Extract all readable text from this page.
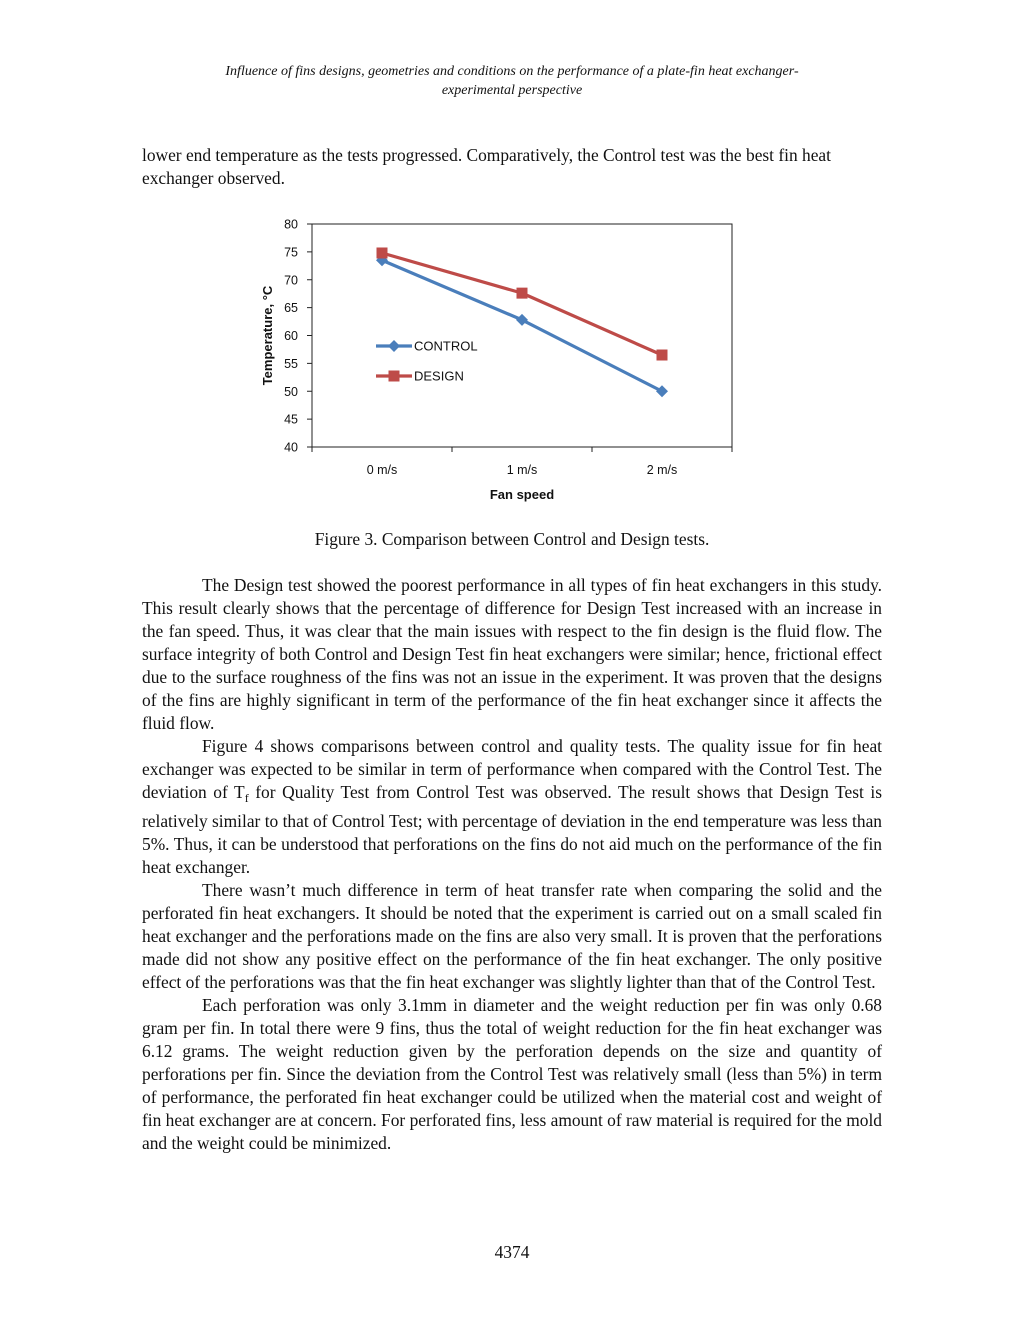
Influence of fins designs, geometries and conditions on the performance of a plate-fin heat exchanger-
experimental perspective

lower end temperature as the tests progressed. Comparatively, the Control test was the best fin heat exchanger observed.

40
45
50
55
60
65
70
75
80
0 m/s	1 m/s	2 m/s
Fan speed
Temperature, °C	CONTROL
DESIGN
Figure 3. Comparison between Control and Design tests.

The Design test showed the poorest performance in all types of fin heat exchangers in this study. This result clearly shows that the percentage of difference for Design Test increased with an increase in the fan speed. Thus, it was clear that the main issues with respect to the fin design is the fluid flow. The surface integrity of both Control and Design Test fin heat exchangers were similar; hence, frictional effect due to the surface roughness of the fins was not an issue in the experiment. It was proven that the designs of the fins are highly significant in term of the performance of the fin heat exchanger since it affects the fluid flow.

Figure 4 shows comparisons between control and quality tests. The quality issue for fin heat exchanger was expected to be similar in term of performance when compared with the Control Test. The deviation of $T_f$ for Quality Test from Control Test was observed. The result shows that Design Test is relatively similar to that of Control Test; with percentage of deviation in the end temperature was less than 5%. Thus, it can be understood that perforations on the fins do not aid much on the performance of the fin heat exchanger.

There wasn’t much difference in term of heat transfer rate when comparing the solid and the perforated fin heat exchangers. It should be noted that the experiment is carried out on a small scaled fin heat exchanger and the perforations made on the fins are also very small. It is proven that the perforations made did not show any positive effect on the performance of the fin heat exchanger. The only positive effect of the perforations was that the fin heat exchanger was slightly lighter than that of the Control Test.

Each perforation was only 3.1mm in diameter and the weight reduction per fin was only 0.68 gram per fin. In total there were 9 fins, thus the total of weight reduction for the fin heat exchanger was 6.12 grams. The weight reduction given by the perforation depends on the size and quantity of perforations per fin. Since the deviation from the Control Test was relatively small (less than 5%) in term of performance, the perforated fin heat exchanger could be utilized when the material cost and weight of fin heat exchanger are at concern. For perforated fins, less amount of raw material is required for the mold and the weight could be minimized.

4374
